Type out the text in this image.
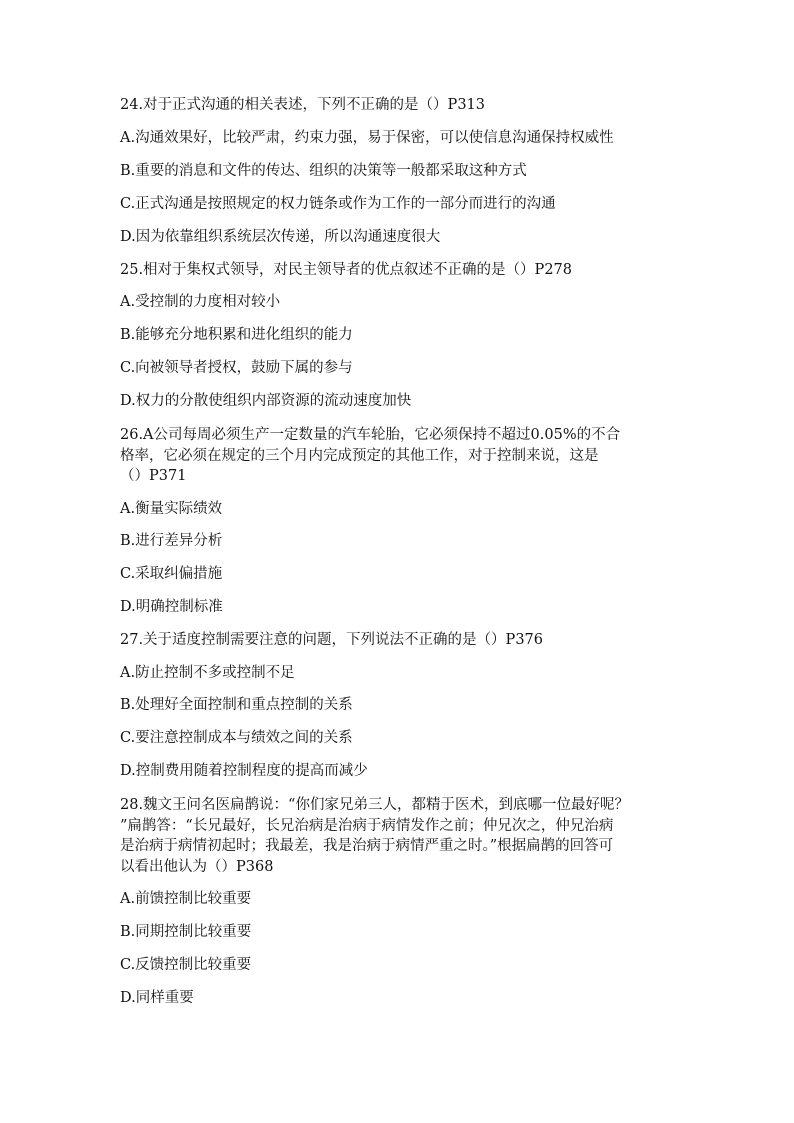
24.对于正式沟通的相关表述，下列不正确的是（）P313
A.沟通效果好，比较严肃，约束力强，易于保密，可以使信息沟通保持权威性
B.重要的消息和文件的传达、组织的决策等一般都采取这种方式
C.正式沟通是按照规定的权力链条或作为工作的一部分而进行的沟通
D.因为依靠组织系统层次传递，所以沟通速度很大
25.相对于集权式领导，对民主领导者的优点叙述不正确的是（）P278
A.受控制的力度相对较小
B.能够充分地积累和进化组织的能力
C.向被领导者授权，鼓励下属的参与
D.权力的分散使组织内部资源的流动速度加快
26.A公司每周必须生产一定数量的汽车轮胎，它必须保持不超过0.05%的不合
格率，它必须在规定的三个月内完成预定的其他工作，对于控制来说，这是
（）P371
A.衡量实际绩效
B.进行差异分析
C.采取纠偏措施
D.明确控制标准
27.关于适度控制需要注意的问题，下列说法不正确的是（）P376
A.防止控制不多或控制不足
B.处理好全面控制和重点控制的关系
C.要注意控制成本与绩效之间的关系
D.控制费用随着控制程度的提高而减少
28.魏文王问名医扁鹊说：“你们家兄弟三人，都精于医术，到底哪一位最好呢？
”扁鹊答：“长兄最好，长兄治病是治病于病情发作之前；仲兄次之，仲兄治病
是治病于病情初起时；我最差，我是治病于病情严重之时。”根据扁鹊的回答可
以看出他认为（）P368
A.前馈控制比较重要
B.同期控制比较重要
C.反馈控制比较重要
D.同样重要
